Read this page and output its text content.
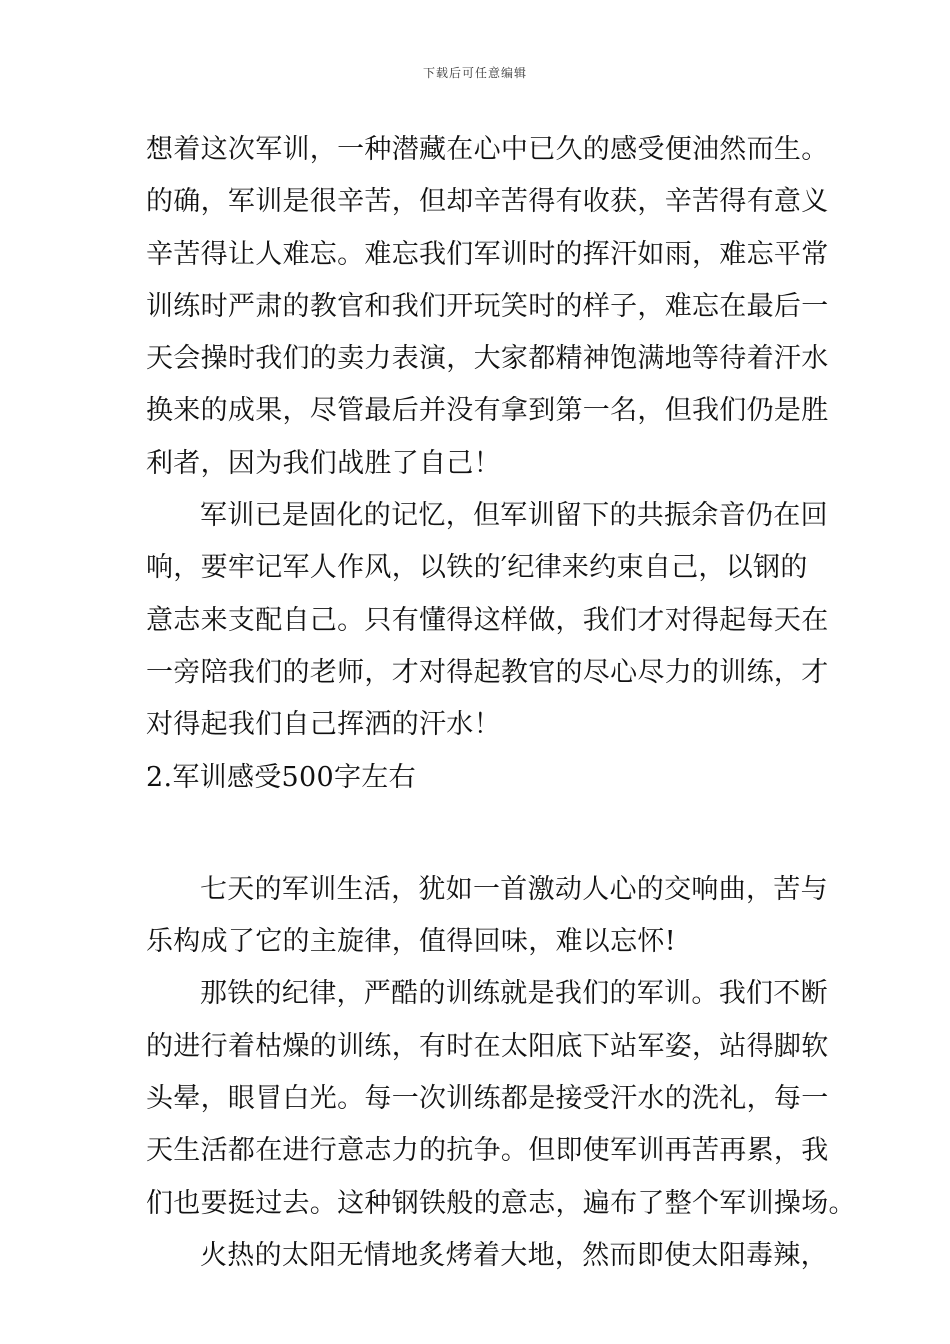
下载后可任意编辑
想着这次军训，一种潜藏在心中已久的感受便油然而生。
的确，军训是很辛苦，但却辛苦得有收获，辛苦得有意义
辛苦得让人难忘。难忘我们军训时的挥汗如雨，难忘平常
训练时严肃的教官和我们开玩笑时的样子，难忘在最后一
天会操时我们的卖力表演，大家都精神饱满地等待着汗水
换来的成果，尽管最后并没有拿到第一名，但我们仍是胜
利者，因为我们战胜了自己！
军训已是固化的记忆，但军训留下的共振余音仍在回
响，要牢记军人作风，以铁的′纪律来约束自己，以钢的
意志来支配自己。只有懂得这样做，我们才对得起每天在
一旁陪我们的老师，才对得起教官的尽心尽力的训练，才
对得起我们自己挥洒的汗水！
2.军训感受500字左右
七天的军训生活，犹如一首激动人心的交响曲，苦与
乐构成了它的主旋律，值得回味，难以忘怀!
那铁的纪律，严酷的训练就是我们的军训。我们不断
的进行着枯燥的训练，有时在太阳底下站军姿，站得脚软
头晕，眼冒白光。每一次训练都是接受汗水的洗礼，每一
天生活都在进行意志力的抗争。但即使军训再苦再累，我
们也要挺过去。这种钢铁般的意志，遍布了整个军训操场。
火热的太阳无情地炙烤着大地，然而即使太阳毒辣，
